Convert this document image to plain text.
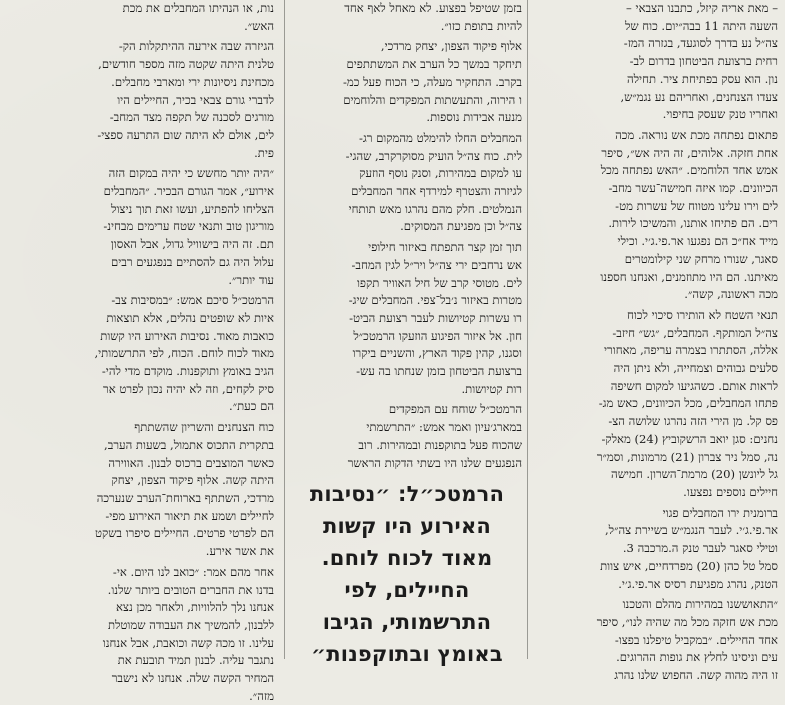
– מאת אריה קיזל, כתבנו הצבאי –
השעה היתה 11 בבה״יום. כוח של
צה״ל נע בדרך לסוגעד, בגזרה המז-
רחית ברצועת הביטחון בדרום לב-
נון. הוא עסק בפתיחת ציר. תחילה
צעדו הצנחנים, ואחריהם נע נגמ״ש,
ואחריו טנק שעסק בחיפוי.

פתאום נפתחה מכת אש נוראה. מכה
אחת חזקה. אלוהים, זה היה אש״, סיפר
אמש אחד הלוחמים. ״האש נפתחה מכל
הכיוונים. קמו איזה חמישה־עשר מחב-
לים וירו עלינו מטווח של עשרות מט-
רים. הם פתיחו אותנו, והמשיכו לירות.
מייד אח״כ הם נפגעו אר.פי.ג׳י. וכילי
סאגר, שנורו מרחק שני קילומטרים
מאיתנו. הם היו מתוזמנים, ואנחנו חספנו
מכה ראשונה, קשה״.

תנאי השטח לא הותירו סיכוי לכוח
צה״ל המותקף. המחבלים, ״גש״ חיזב-
אללה, הסתתרו בצמרה עריפה, מאחורי
סלעים גבוהים וצמחייה, ולא ניתן היה
לראות אותם. כשהגיעו למקום חשיפה
פתחו המחבלים, מכל הכיוונים, כאש מג-
פס קל. מן הירי הזה נהרגו שלושה הצ-
נחנים: סגן יואב הרשקוביץ (24) מאלק-
נה, סמל ניר צברון (21) מרמונות, וסמ״ר
גל ליונשן (20) מרמת־השרון. חמישה
חיילים נוספים נפצעו.

ברומנית ירו המחבלים פגוי
אר.פי.ג׳י. לעבר הנגמ״ש בשיירת צה״ל,
וטילי סאגר לעבר טנק ה.מרכבה 3.
סמל טל כהן (20) מפרדחיים, איש צוות
הטנק, נהרג מפגיעת רסיס אר.פי.ג׳י.

״התאוששנו במהירות מהלם והטכנו
מכת אש חזקה מכל מה שהיה לנו״, סיפר
אחד החיילים. ״במקביל טיפלנו בפצו-
עים וניסינו לחלץ את גופות ההרוגים.
זו היה מהוה קשה. החפוש שלנו נהרג

בזמן שטיפל בפצוע. לא מאחל לאף אחד
להיות בתופת כזו״.

אלוף פיקוד הצפון, יצחק מרדכי,
תיחקר במשך כל הערב את המשתתפים
בקרב. התחקיר מעלה, כי הכוח פעל כמ-
ו הירוה, והתעשתות המפקדים והלוחמים
מנעה אבידות נוספות.

המחבלים החלו להימלט מהמקום רג-
לית. כוח צה״ל הועיק מסוקרקרב, שהגי-
עו למקום במהירות, וסנק נוסף הוזעק
לגיזרה והצטרף למירדף אחר המחבלים
הנמלטים. חלק מהם נהרגו מאש תותחי
צה״ל וכן מפגיעת המסוקים.

תוך זמן קצר התפתח באיזור חילופי
אש נרחבים ירי צה״ל ויר״ל לגין המחב-
לים. מטוסי קרב של חיל האוויר תקפו
מטרות באיזור נ׳בל־צפי. המחבלים שיג-
רו עשרות קטיושות לעבר רצועת הביט-
חון. אל איזור הפיגוע הוזעקו הרמטכ״ל
וסגנו, קהין פקוד הארץ, והשניים ביקרו
ברצועת הביטחון בזמן שנחתו בה עש-
רות קטיושות.

הרמטכ״ל שוחח עם המפקדים
במארג׳עיון ואמר אמש: ״התרשמתי
שהכוח פעל בתוקפנות ובמהירות. רוב
הנפגעים שלנו היו בשתי הדקות הראשר

הרמטכ״ל: ״נסיבות
האירוע היו קשות
מאוד לכוח לוחם.
החיילים, לפי
התרשמותי, הגיבו
באומץ ובתוקפנות״

נות, או הנהיתו המחבלים את מכת
האש״.

הגיזרה שבה אירעה ההיתקלות הק-
טלנית היתה שקטה מזה מספר חודשים,
מכחינת ניסיונות ירי ומארבי מחבלים.
לדברי גורם צבאי בכיר, החיילים היו
מורגים לסכנה של תקפה מצד המחב-
לים, אולם לא היתה שום התרעה ספצי-
פית.

״היה יותר מחשש כי יהיה במקום הזה
אירוע״, אמר הגורם הבכיר. ״המחבלים
הצליחו להפתיע, ועשו זאת תוך ניצול
מוריגון טוב ותנאי שטח ערימים מבחינ-
תם. זה היה בישוויל גדול, אבל האסון
עלול היה גם להסתיים בנפגעים רבים
עוד יותר״.

הרמטכ״ל סיכם אמש: ״במסיבות צב-
איות לא שופטים נהלים, אלא תוצאות
כואבות מאוד. נסיבות האירוע היו קשות
מאוד לכוח לוחם. הכוח, לפי התרשמותי,
הגיב באומץ ותוקפנות. מוקדם מדי להי-
סיק לקחים, וזה לא יהיה נכון לפרט אר
הם כעת״.

כוח הצנחנים והשריון שהשתתף
בתקרית התכוס אתמול, בשעות הערב,
כאשר המוצבים ברכוס לבנון. האווירה
היתה קשה. אלוף פיקוד הצפון, יצחק
מרדכי, השתתף בארוחת־הערב שנערכה
לחיילים ושמע את תיאור האירוע מפי-
הם לפרטי פרטים. החיילים סיפרו בשקט
את אשר אירע.

אחר מהם אמר: ״כואב לנו היום. אי-
בדנו את החברים הטובים ביותר שלנו.
אנחנו נלך להלוויות, ולאחר מכן נצא
ללבנון, להמשיך את העבודה שמוטלת
עלינו. זו מכה קשה וכואבת, אבל אנחנו
נתגבר עליה. לבנון תמיד תובעת את
המחיר הקשה שלה. אנחנו לא נישבר
מזה״.
